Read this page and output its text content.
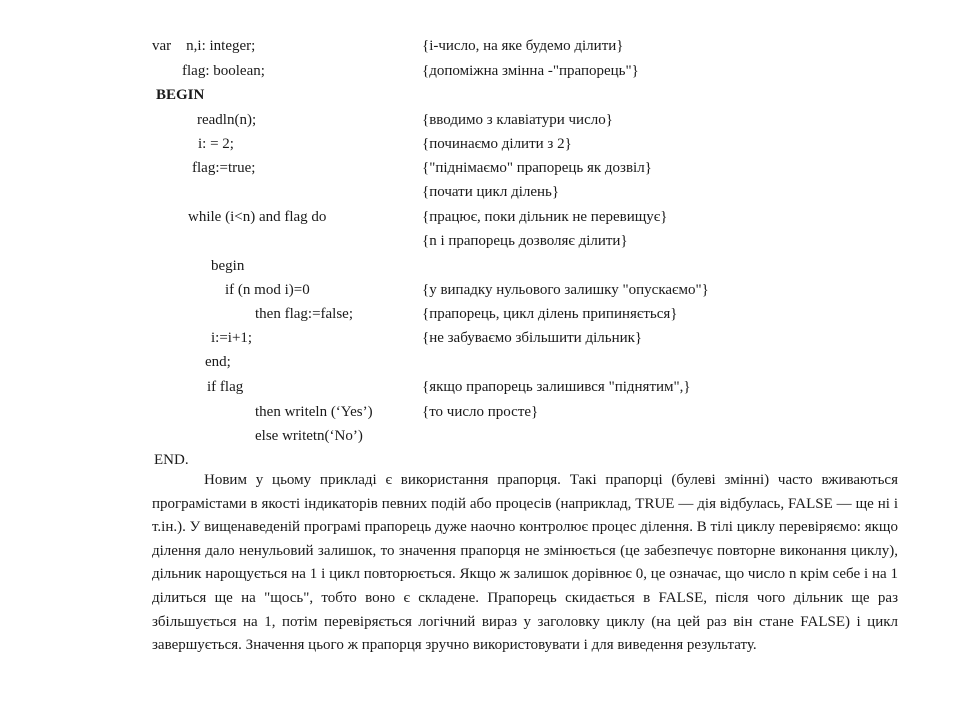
var    n,i: integer;	{і-число, на яке будемо ділити}
flag: boolean;	{допоміжна змінна -"прапорець"}
BEGIN
readln(n);	{вводимо з клавіатури число}
i: = 2;	{починаємо ділити з 2}
flag:=true;	{"піднімаємо" прапорець як дозвіл}
{почати цикл ділень}
while (i<n) and flag do	{працює, поки дільник не перевищує}
{n і прапорець дозволяє ділити}
begin
if (n mod i)=0	{у випадку нульового залишку "опускаємо"}
then flag:=false;	{прапорець, цикл ділень припиняється}
i:=i+1;	{не забуваємо збільшити дільник}
end;
if flag	{якщо прапорець залишився "піднятим",}
then writeln (‘Yes’)	{то число просте}
else writetn(‘No’)
END.

Новим у цьому прикладі є використання прапорця. Такі прапорці (булеві змінні) часто вживаються програмістами в якості індикаторів певних подій або процесів (наприклад, TRUE — дія відбулась, FALSE — ще ні і т.ін.). У вищенаведеній програмі прапорець дуже наочно контролює процес ділення. В тілі циклу перевіряємо: якщо ділення дало ненульовий залишок, то значення прапорця не змінюється (це забезпечує повторне виконання циклу), дільник нарощується на 1 і цикл повторюється. Якщо ж залишок дорівнює 0, це означає, що число n крім себе і на 1 ділиться ще на "щось", тобто воно є складене. Прапорець скидається в FALSE, після чого дільник ще раз збільшується на 1, потім перевіряється логічний вираз у заголовку циклу (на цей раз він стане FALSE) і цикл завершується. Значення цього ж прапорця зручно використовувати і для виведення результату.
